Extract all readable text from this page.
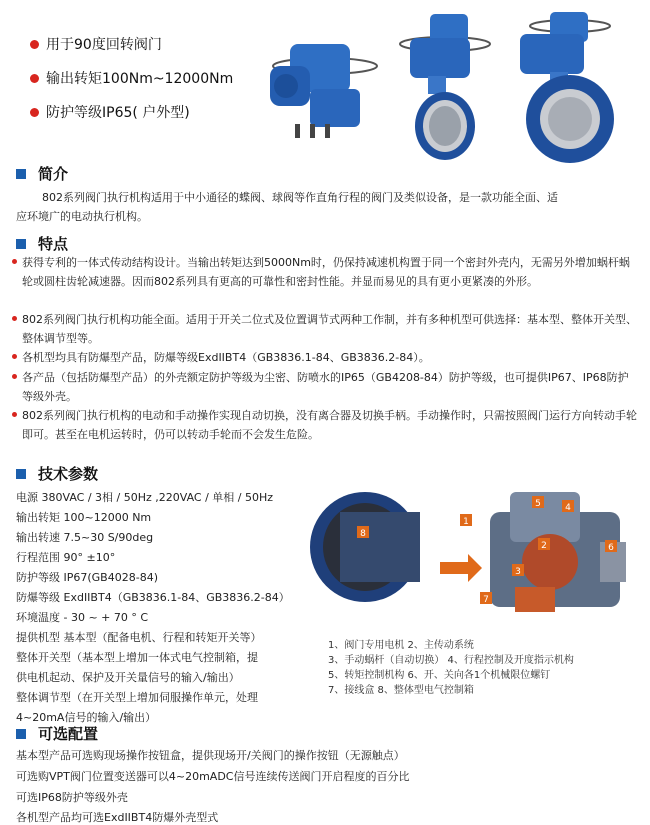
用于90度回转阀门
输出转矩100Nm~12000Nm
防护等级IP65( 户外型)
简介
802系列阀门执行机构适用于中小通径的蝶阀、球阀等作直角行程的阀门及类似设备，是一款功能全面、适
应环境广的电动执行机构。
特点
获得专利的一体式传动结构设计。当输出转矩达到5000Nm时，仍保持减速机构置于同一个密封外壳内，无需另外增加蜗杆蜗轮或圆柱齿轮减速器。因而802系列具有更高的可靠性和密封性能。并显而易见的具有更小更紧凑的外形。
802系列阀门执行机构功能全面。适用于开关二位式及位置调节式两种工作制，并有多种机型可供选择：基本型、整体开关型、整体调节型等。
各机型均具有防爆型产品，防爆等级ExdIIBT4（GB3836.1-84、GB3836.2-84）。
各产品（包括防爆型产品）的外壳额定防护等级为尘密、防喷水的IP65（GB4208-84）防护等级，也可提供IP67、IP68防护等级外壳。
802系列阀门执行机构的电动和手动操作实现自动切换，没有离合器及切换手柄。手动操作时，只需按照阀门运行方向转动手轮即可。甚至在电机运转时，仍可以转动手轮而不会发生危险。
技术参数
电源 380VAC / 3相 / 50Hz ,220VAC / 单相 / 50Hz
输出转矩 100~12000 Nm
输出转速 7.5~30 S/90deg
行程范围 90° ±10°
防护等级 IP67(GB4028-84)
防爆等级 ExdIIBT4（GB3836.1-84、GB3836.2-84）
环境温度 - 30 ~ + 70 ° C
提供机型 基本型（配备电机、行程和转矩开关等）
整体开关型（基本型上增加一体式电气控制箱，提
供电机起动、保护及开关量信号的输入/输出）
整体调节型（在开关型上增加伺服操作单元，处理
4~20mA信号的输入/输出）
8
1
5	4
2
3
6
7
1、阀门专用电机 2、主传动系统
3、手动蜗杆（自动切换） 4、行程控制及开度指示机构
5、转矩控制机构 6、开、关向各1个机械限位螺钉
7、接线盒 8、整体型电气控制箱
可选配置
基本型产品可选购现场操作按钮盒，提供现场开/关阀门的操作按钮（无源触点）
可选购VPT阀门位置变送器可以4~20mADC信号连续传送阀门开启程度的百分比
可选IP68防护等级外壳
各机型产品均可选ExdIIBT4防爆外壳型式
